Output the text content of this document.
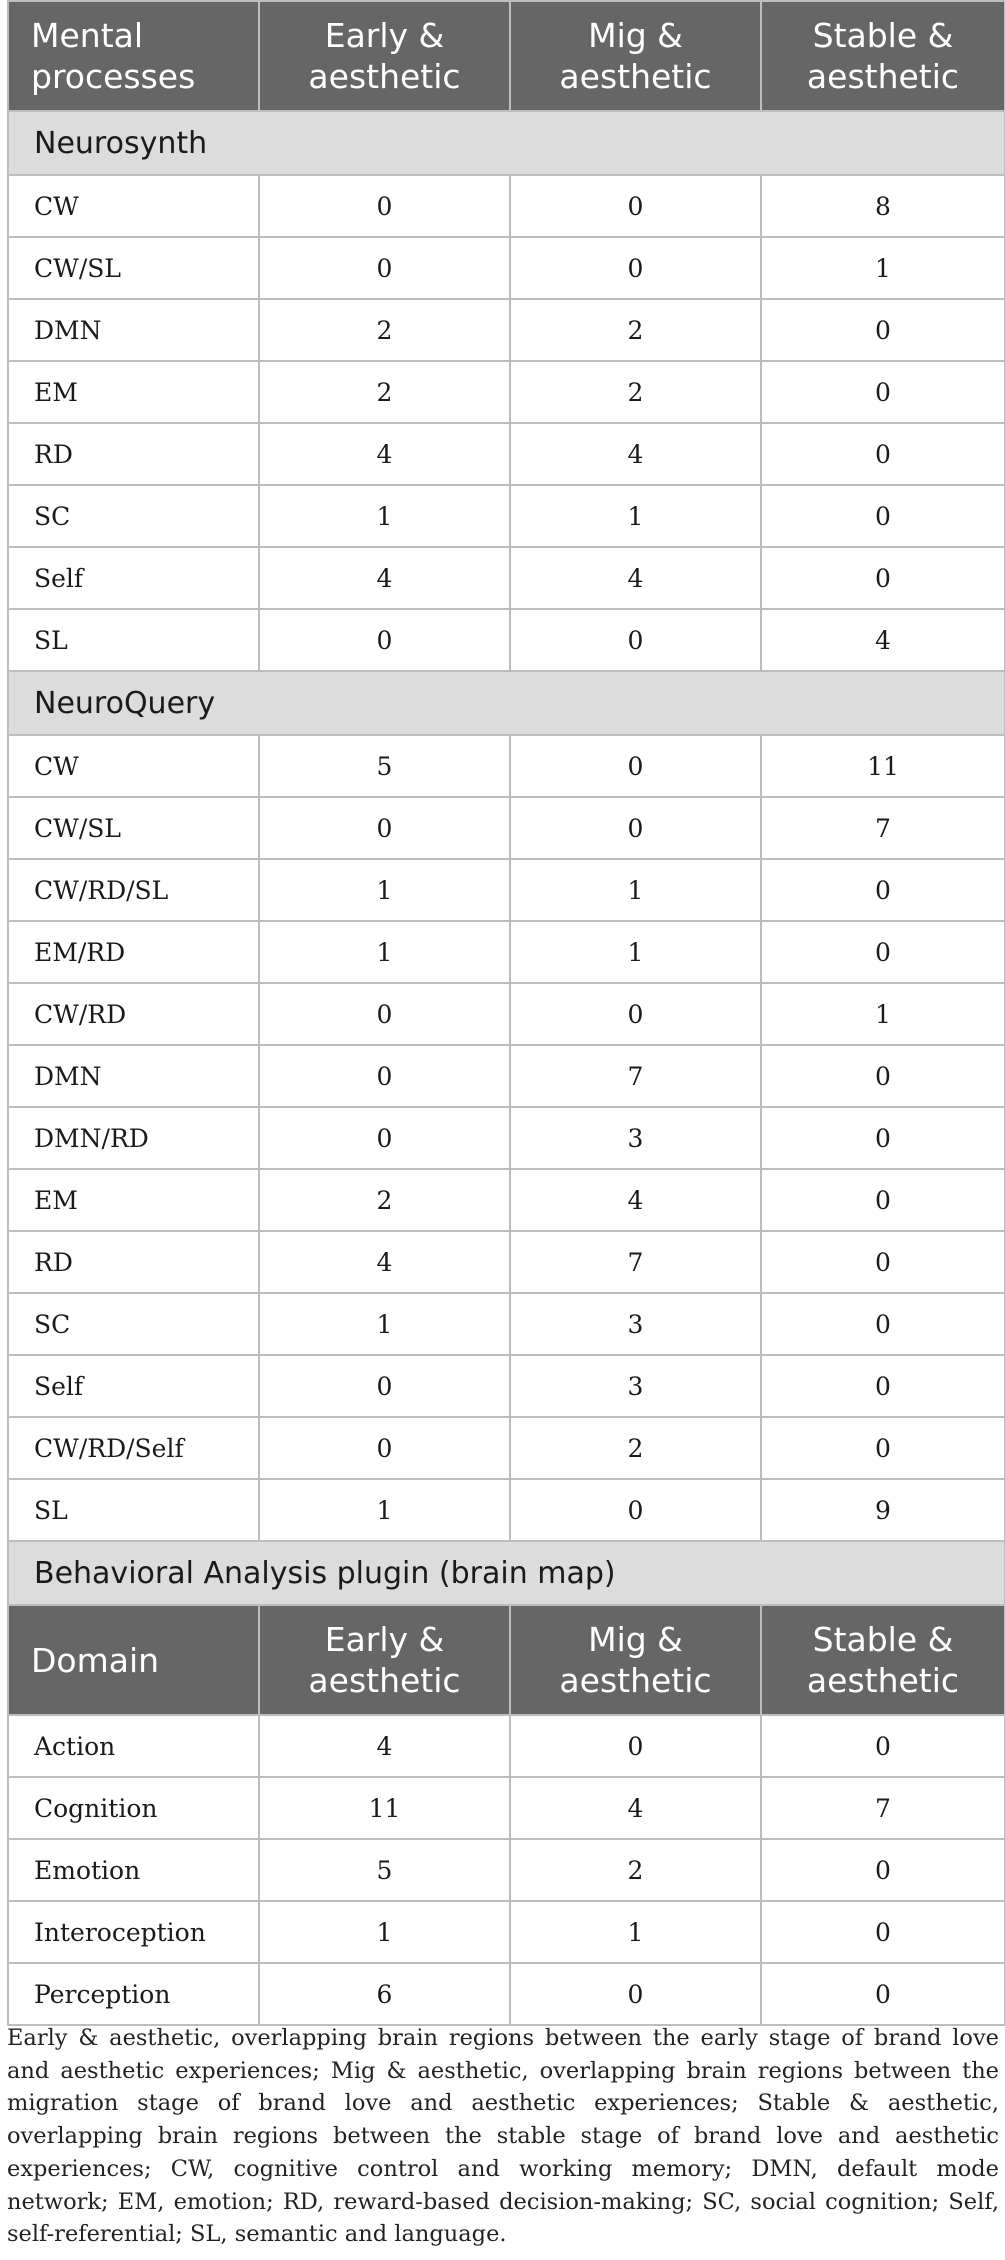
Mental processes	Early & aesthetic	Mig & aesthetic	Stable & aesthetic
Neurosynth			
CW	0	0	8
CW/SL	0	0	1
DMN	2	2	0
EM	2	2	0
RD	4	4	0
SC	1	1	0
Self	4	4	0
SL	0	0	4
NeuroQuery			
CW	5	0	11
CW/SL	0	0	7
CW/RD/SL	1	1	0
EM/RD	1	1	0
CW/RD	0	0	1
DMN	0	7	0
DMN/RD	0	3	0
EM	2	4	0
RD	4	7	0
SC	1	3	0
Self	0	3	0
CW/RD/Self	0	2	0
SL	1	0	9
Behavioral Analysis plugin (brain map)			
Domain	Early & aesthetic	Mig & aesthetic	Stable & aesthetic
Action	4	0	0
Cognition	11	4	7
Emotion	5	2	0
Interoception	1	1	0
Perception	6	0	0
Early & aesthetic, overlapping brain regions between the early stage of brand love and aesthetic experiences; Mig & aesthetic, overlapping brain regions between the migration stage of brand love and aesthetic experiences; Stable & aesthetic, overlapping brain regions between the stable stage of brand love and aesthetic experiences; CW, cognitive control and working memory; DMN, default mode network; EM, emotion; RD, reward-based decision-making; SC, social cognition; Self, self-referential; SL, semantic and language.
